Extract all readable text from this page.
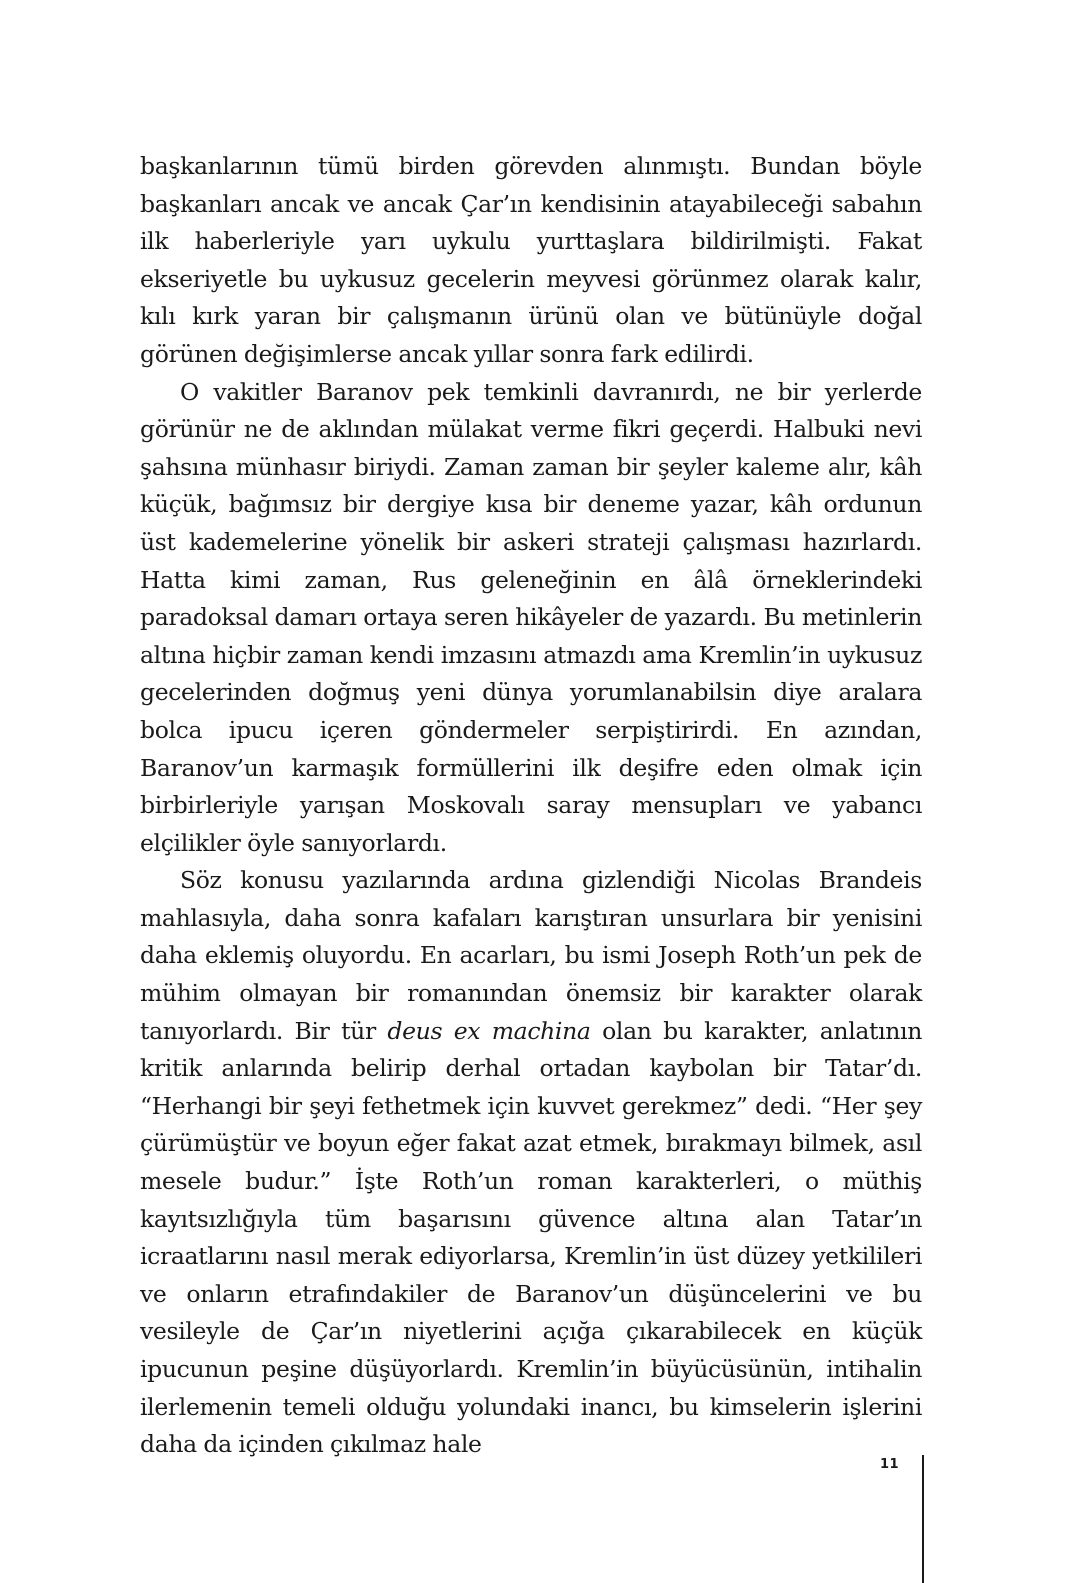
başkanlarının tümü birden görevden alınmıştı. Bundan böyle başkanları ancak ve ancak Çar’ın kendisinin atayabileceği sabahın ilk haberleriyle yarı uykulu yurttaşlara bildirilmişti. Fakat ekseriyetle bu uykusuz gecelerin meyvesi görünmez olarak kalır, kılı kırk yaran bir çalışmanın ürünü olan ve bütünüyle doğal görünen değişimlerse ancak yıllar sonra fark edilirdi.

O vakitler Baranov pek temkinli davranırdı, ne bir yerlerde görünür ne de aklından mülakat verme fikri geçerdi. Halbuki nevi şahsına münhasır biriydi. Zaman zaman bir şeyler kaleme alır, kâh küçük, bağımsız bir dergiye kısa bir deneme yazar, kâh ordunun üst kademelerine yönelik bir askeri strateji çalışması hazırlardı. Hatta kimi zaman, Rus geleneğinin en âlâ örneklerindeki paradoksal damarı ortaya seren hikâyeler de yazardı. Bu metinlerin altına hiçbir zaman kendi imzasını atmazdı ama Kremlin’in uykusuz gecelerinden doğmuş yeni dünya yorumlanabilsin diye aralara bolca ipucu içeren göndermeler serpiştirirdi. En azından, Baranov’un karmaşık formüllerini ilk deşifre eden olmak için birbirleriyle yarışan Moskovalı saray mensupları ve yabancı elçilikler öyle sanıyorlardı.

Söz konusu yazılarında ardına gizlendiği Nicolas Brandeis mahlasıyla, daha sonra kafaları karıştıran unsurlara bir yenisini daha eklemiş oluyordu. En acarları, bu ismi Joseph Roth’un pek de mühim olmayan bir romanından önemsiz bir karakter olarak tanıyorlardı. Bir tür deus ex machina olan bu karakter, anlatının kritik anlarında belirip derhal ortadan kaybolan bir Tatar’dı. “Herhangi bir şeyi fethetmek için kuvvet gerekmez” dedi. “Her şey çürümüştür ve boyun eğer fakat azat etmek, bırakmayı bilmek, asıl mesele budur.” İşte Roth’un roman karakterleri, o müthiş kayıtsızlığıyla tüm başarısını güvence altına alan Tatar’ın icraatlarını nasıl merak ediyorlarsa, Kremlin’in üst düzey yetkilileri ve onların etrafındakiler de Baranov’un düşüncelerini ve bu vesileyle de Çar’ın niyetlerini açığa çıkarabilecek en küçük ipucunun peşine düşüyorlardı. Kremlin’in büyücüsünün, intihalin ilerlemenin temeli olduğu yolundaki inancı, bu kimselerin işlerini daha da içinden çıkılmaz hale

11
